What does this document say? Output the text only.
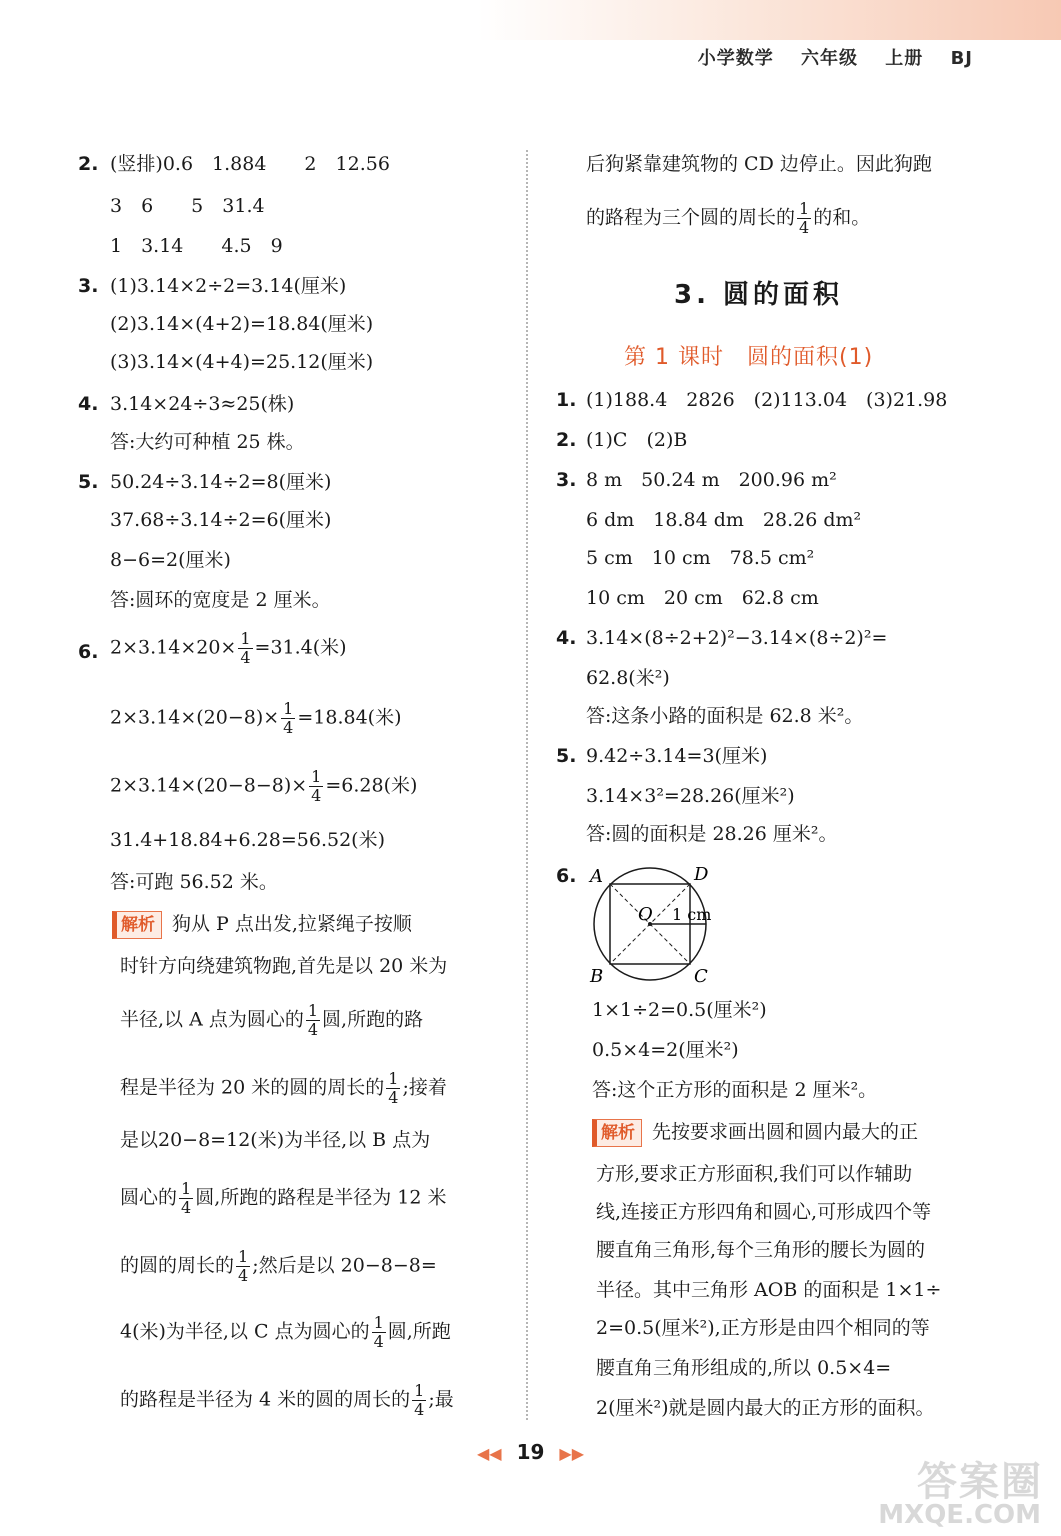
小学数学 六年级 上册 BJ
2. (竖排)0.6　1.884　　2　12.56
3　6　　5　31.4
1　3.14　　4.5　9
3. (1)3.14×2÷2=3.14(厘米)
(2)3.14×(4+2)=18.84(厘米)
(3)3.14×(4+4)=25.12(厘米)
4. 3.14×24÷3≈25(株)
答:大约可种植 25 株。
5. 50.24÷3.14÷2=8(厘米)
37.68÷3.14÷2=6(厘米)
8−6=2(厘米)
答:圆环的宽度是 2 厘米。
6. $2\times 3.14\times 20\times \frac{1}{4} =31.4$(米)
$2\times 3.14\times(20-8)\times \frac{1}{4} =18.84$(米)
$2\times 3.14\times(20-8-8)\times \frac{1}{4} =6.28$(米)
31.4+18.84+6.28=56.52(米)
答:可跑 56.52 米。
解析 狗从 P 点出发,拉紧绳子按顺
时针方向绕建筑物跑,首先是以 20 米为
半径,以 A 点为圆心的 $\frac{1}{4}$ 圆,所跑的路
程是半径为 20 米的圆的周长的 $\frac{1}{4}$ ;接着
是以20−8=12(米)为半径,以 B 点为
圆心的 $\frac{1}{4}$ 圆,所跑的路程是半径为 12 米
的圆的周长的 $\frac{1}{4}$ ;然后是以 20−8−8=
4(米)为半径,以 C 点为圆心的 $\frac{1}{4}$ 圆,所跑
的路程是半径为 4 米的圆的周长的 $\frac{1}{4}$ ;最
后狗紧靠建筑物的 CD 边停止。因此狗跑
的路程为三个圆的周长的 $\frac{1}{4}$ 的和。
3. 圆的面积
第 1 课时　圆的面积(1)
1. (1)188.4　2826　(2)113.04　(3)21.98
2. (1)C　(2)B
3. 8 m　50.24 m　200.96 m²
6 dm　18.84 dm　28.26 dm²
5 cm　10 cm　78.5 cm²
10 cm　20 cm　62.8 cm
4. 3.14×(8÷2+2)²−3.14×(8÷2)²=
62.8(米²)
答:这条小路的面积是 62.8 米²。
5. 9.42÷3.14=3(厘米)
3.14×3²=28.26(厘米²)
答:圆的面积是 28.26 厘米²。
6. A	D
B	C
O 1 cm
1×1÷2=0.5(厘米²)
0.5×4=2(厘米²)
答:这个正方形的面积是 2 厘米²。
解析 先按要求画出圆和圆内最大的正
方形,要求正方形面积,我们可以作辅助
线,连接正方形四角和圆心,可形成四个等
腰直角三角形,每个三角形的腰长为圆的
半径。其中三角形 AOB 的面积是 1×1÷
2=0.5(厘米²),正方形是由四个相同的等
腰直角三角形组成的,所以 0.5×4=
2(厘米²)就是圆内最大的正方形的面积。
◀◀ 19 ▶▶
答案圈
MXQE.COM
